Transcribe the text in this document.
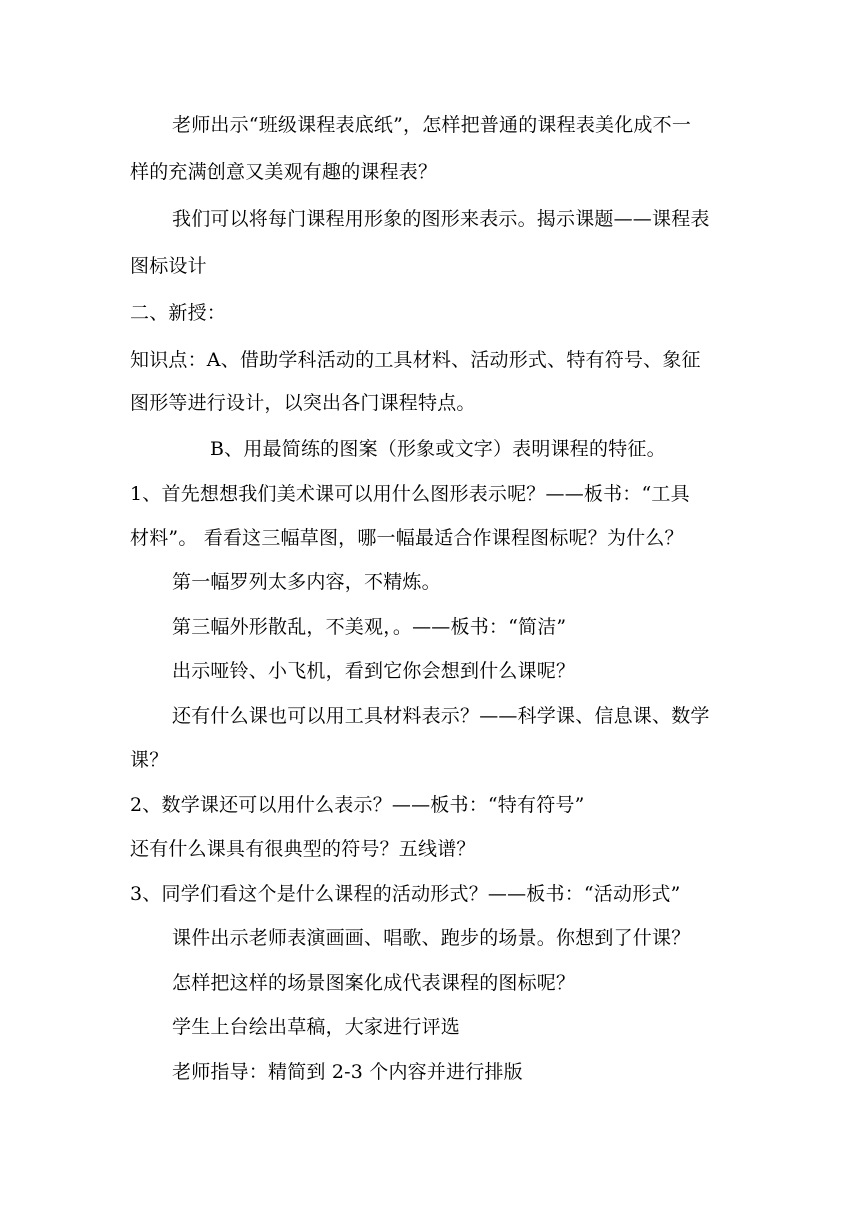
老师出示“班级课程表底纸”，怎样把普通的课程表美化成不一
样的充满创意又美观有趣的课程表？
我们可以将每门课程用形象的图形来表示。揭示课题——课程表
图标设计
二、新授：
知识点：A、借助学科活动的工具材料、活动形式、特有符号、象征
图形等进行设计，以突出各门课程特点。
B、用最简练的图案（形象或文字）表明课程的特征。
1、首先想想我们美术课可以用什么图形表示呢？——板书：“工具
材料”。 看看这三幅草图，哪一幅最适合作课程图标呢？为什么？
第一幅罗列太多内容，不精炼。
第三幅外形散乱，不美观，。——板书：“简洁”
出示哑铃、小飞机，看到它你会想到什么课呢？
还有什么课也可以用工具材料表示？——科学课、信息课、数学
课？
2、数学课还可以用什么表示？——板书：“特有符号”
还有什么课具有很典型的符号？五线谱？
3、同学们看这个是什么课程的活动形式？——板书：“活动形式”
课件出示老师表演画画、唱歌、跑步的场景。你想到了什课？
怎样把这样的场景图案化成代表课程的图标呢？
学生上台绘出草稿，大家进行评选
老师指导：精简到 2-3 个内容并进行排版
